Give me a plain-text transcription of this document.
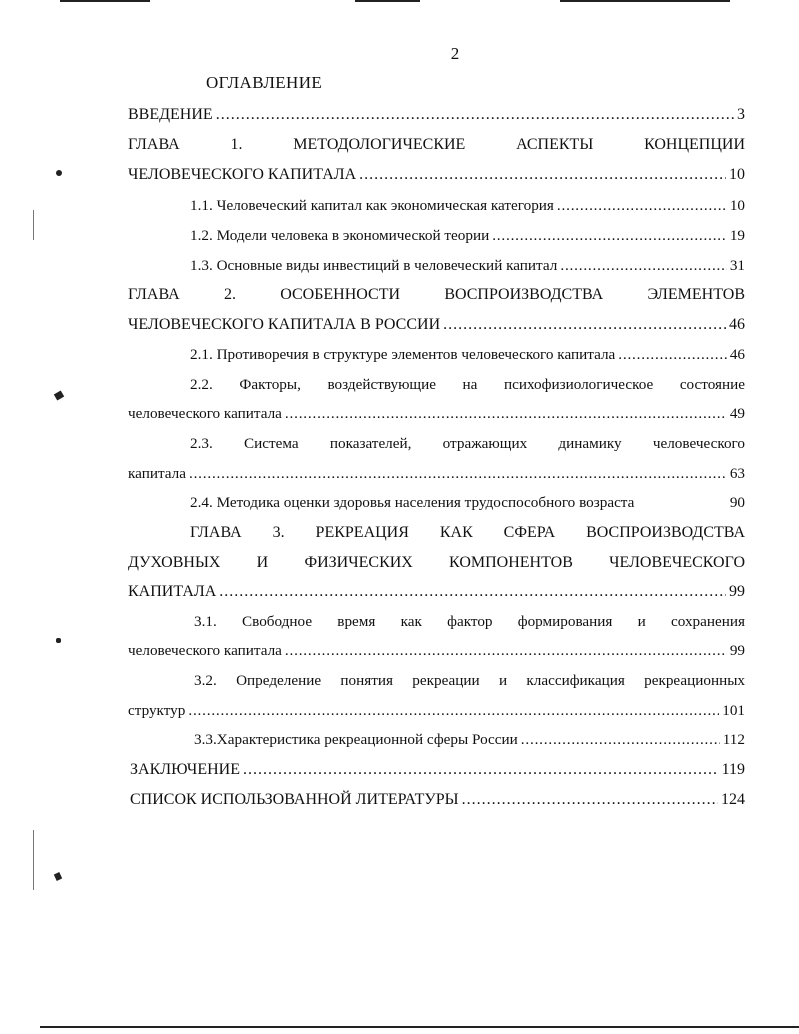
2
ОГЛАВЛЕНИЕ
ВВЕДЕНИЕ . . .	3
ГЛАВА 1. МЕТОДОЛОГИЧЕСКИЕ АСПЕКТЫ КОНЦЕПЦИИ
ЧЕЛОВЕЧЕСКОГО КАПИТАЛА . . .	10
1.1. Человеческий капитал как экономическая категория . . .	10
1.2. Модели человека в экономической теории . . .	19
1.3. Основные виды инвестиций в человеческий капитал . . .	31
ГЛАВА 2. ОСОБЕННОСТИ ВОСПРОИЗВОДСТВА ЭЛЕМЕНТОВ
ЧЕЛОВЕЧЕСКОГО КАПИТАЛА В РОССИИ . . .	46
2.1. Противоречия в структуре элементов человеческого капитала . . .	46
2.2. Факторы, воздействующие на психофизиологическое состояние
человеческого капитала . . .	49
2.3. Система показателей, отражающих динамику человеческого
капитала . . .	63
2.4. Методика оценки здоровья населения трудоспособного возраста	90
ГЛАВА 3. РЕКРЕАЦИЯ КАК СФЕРА ВОСПРОИЗВОДСТВА
ДУХОВНЫХ И ФИЗИЧЕСКИХ КОМПОНЕНТОВ ЧЕЛОВЕЧЕСКОГО
КАПИТАЛА . . .	99
3.1. Свободное время как фактор формирования и сохранения
человеческого капитала . . .	99
3.2. Определение понятия рекреации и классификация рекреационных
структур . . .	101
3.3.Характеристика рекреационной сферы России . . .	112
ЗАКЛЮЧЕНИЕ . . .	119
СПИСОК ИСПОЛЬЗОВАННОЙ ЛИТЕРАТУРЫ . . .	124
